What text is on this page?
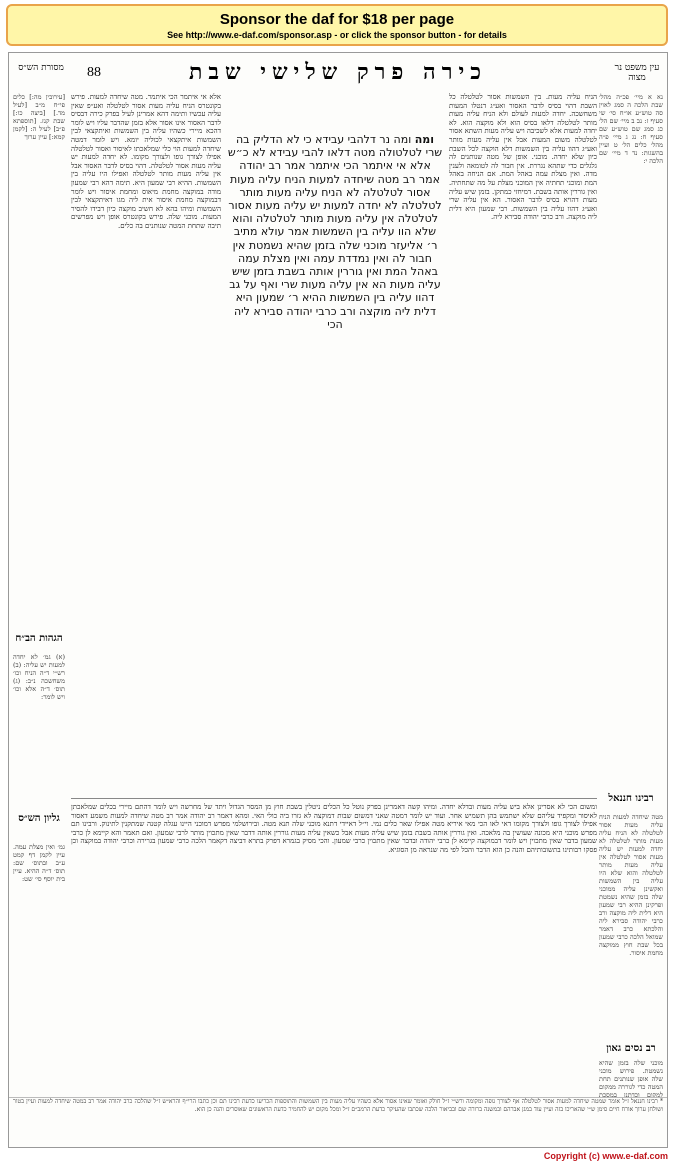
Sponsor the daf for $18 per page
See http://www.e-daf.com/sponsor.asp - or click the sponsor button - for details
מסורת הש״ס	88	כירה פרק שלישי שבת	עין משפט נר מצוה
[עירובין מה:] כלים פי״ח מ״ב [לעיל מד.] [ביצה כו:] שבת קנז. [תוספתא פ״ב] לעיל ה: [לקמן קמא:] עיין ערוך
הגהות הב״ח
(א) גמ׳ לא יחדה למעות יש עליה: (ב) רש״י ד״ה הניח וכו׳ משחשכה נ״ב: (ג) תוס׳ ד״ה אלא וכו׳ ויש לומר:
גליון הש״ס
גמ׳ ואין מצלת עמה. עיין לקמן דף קמט ע״ב ובתוס׳ שם: תוס׳ ד״ה ההיא. עיין בית יוסף סי׳ שט:
נא א מיי׳ פכ״ה מהל׳ שבת הלכה ה סמג לאוין סה טוש״ע או״ח סי׳ שי סעיף ז: נב ב מיי׳ שם הל׳ כג סמג שם טוש״ע שם סעיף ח: נג ג מיי׳ פ״ה מהל׳ כלים הל׳ ט ועיין בהשגות: נד ד מיי׳ שם הלכה י:
רבינו חננאל
מטה שיחדה למעות הניח עליה מעות אסור לטלטלה לא הניח עליה מעות מותר לטלטלה לא יחדה למעות יש עליה מעות אסור לטלטלה אין עליה מעות מותר לטלטלה והוא שלא היו עליה בין השמשות ואקשינן עליה ממוכני שלה בזמן שהיא נשמטת ופרקינן ההיא רבי שמעון היא דלית ליה מוקצה ורב כרבי יהודה סבירא ליה והלכתא כרב דאמר שמואל הלכה כרבי שמעון בכל שבת חוץ ממוקצה מחמת איסור.
רב נסים גאון
מוכני שלה בזמן שהיא נשמטת. פירוש מוכני שלה אופן שנותנים תחת המטה כדי לגוררה ממקום למקום וכדתנן במסכת
הניח עליה מעות. בין השמשות אסור לטלטלה כל השבת דהוי בסיס לדבר האסור ואע״ג דנטלו המעות משחשכה. יחדה למעות לעולם ולא הניח עליה מעות מותר לטלטלה דלאו בסיס הוא ולא מוקצה הוא. לא יחדה למעות אלא לשכיבה ויש עליה מעות השתא אסור לטלטלה משום המעות אבל אין עליה מעות מותר ואע״ג דהוו עליה בין השמשות דלא הוקצה לכל השבת כיון שלא יחדה. מוכני. אופן של מטה שנותנים לה גלגלים כדי שתהא נגררת. אין חבור לה לטומאה ולענין מדה. ואין מצלת עמה באהל המת. אם הניחה באהל המת ומוכני תחתיה אין המוכני מצלת על מה שתחתיה. ואין גוררין אותה בשבת. דמיחזי כמתקן. בזמן שיש עליה מעות דהויא בסיס לדבר האסור. הא אין עליה שרי ואע״ג דהוו עליה בין השמשות. רבי שמעון היא דלית ליה מוקצה. ורב כרבי יהודה סבירא ליה.
אלא אי איתמר הכי איתמר. מטה שיחדה למעות. פירש בקונטרס הניח עליה מעות אסור לטלטלה ואע״פ שאין עליה עכשיו ותימה דהא אמרינן לעיל בפרק כירה דבסיס לדבר האסור אינו אסור אלא בזמן שהדבר עליו ויש לומר דהכא מיירי כשהיו עליה בין השמשות ואיתקצאי לבין השמשות איתקצאי לכוליה יומא. ויש לומר דמטה שיחדה למעות הוי כלי שמלאכתו לאיסור ואסור לטלטלה אפילו לצורך גופו ולצורך מקומו. לא יחדה למעות יש עליה מעות אסור לטלטלה. דהוי בסיס לדבר האסור אבל אין עליה מעות מותר לטלטלה ואפילו היו עליה בין השמשות. ההיא רבי שמעון היא. תימה דהא רבי שמעון מודה במוקצה מחמת מיאוס ומחמת איסור ויש לומר דבמוקצה מחמת איסור אית ליה מגו דאיתקצאי לבין השמשות ומיהו בהא לא חשיב מוקצה כיון דבידו להסיר המעות. מוכני שלה. פירש בקונטרס אופן ויש מפרשים תיבה שתחת המטה שנותנים בה כלים.
ומה ומה נר דלהבי עבידא כי לא הדליק בה שרי לטלטולה מטה דלאו להבי עבידא לא כ״ש אלא אי איתמר הכי איתמר אמר רב יהודה אמר רב מטה שיחדה למעות הניח עליה מעות אסור לטלטלה לא הניח עליה מעות מותר לטלטלה לא יחדה למעות יש עליה מעות אסור לטלטלה אין עליה מעות מותר לטלטלה והוא שלא הוו עליה בין השמשות אמר עולא מתיב ר׳ אליעזר מוכני שלה בזמן שהיא נשמטת אין חבור לה ואין נמדדת עמה ואין מצלת עמה באהל המת ואין גוררין אותה בשבת בזמן שיש עליה מעות הא אין עליה מעות שרי ואף על גב דהוו עליה בין השמשות ההיא ר׳ שמעון היא דלית ליה מוקצה ורב כרבי יהודה סבירא ליה הכי
ומשום הכי לא אסרינן אלא ביש עליה מעות ובדלא יחדה. ומיהו קשה דאמרינן בפרק נוטל כל הכלים ניטלין בשבת חוץ מן המסר הגדול ויתד של מחרשה ויש לומר דהתם מיירי בכלים שמלאכתן לאיסור ומקפיד עליהם שלא ישתמש בהן תשמיש אחר. ועוד יש לומר דמטה שאני דמשום שבות דמוקצה לא גזרו ביה כולי האי. ומהא דאמר רב יהודה אמר רב מטה שיחדה למעות משמע דאסור אפילו לצורך גופו ולצורך מקומו דאי לאו הכי מאי איריא מטה אפילו שאר כלים נמי. וי״ל דאיידי דתנא מוכני שלה תנא מטה. ובירושלמי מפרש דמוכני היינו עגלה קטנה שמתקנין לתינוק. ורבינו תם מפרש מוכני היא מכונה שעושין בה מלאכה. ואין גוררין אותה בשבת בזמן שיש עליה מעות אבל כשאין עליה מעות גוררין אותה דדבר שאין מתכוין מותר לרבי שמעון. ואם תאמר והא קיימא לן כרבי שמעון בדבר שאין מתכוין ויש לומר דבמוקצה קיימא לן כרבי יהודה ובדבר שאין מתכוין כרבי שמעון. והכי מסיק בגמרא דפרק בתרא דביצה דקאמר הלכה כרבי שמעון בגרירה וכרבי יהודה במוקצה וכן פסקו רבותינו בתשובותיהם והנה כן הוא הדבר והכל לפי מה שנראה מן הסוגיא.
* רבינו חננאל ז״ל אומר שמטה שיחדה למעות אסור לטלטלה אף לצורך גופה ומקומה ורש״י ז״ל חולק ואומר שאינו אסור אלא כשהיו עליה מעות בין השמשות והתוספות הכריעו כדעת רבינו תם וכן כתבו הרי״ף והרא״ש ז״ל שהלכה כרב יהודה אמר רב במטה שיחדה למעות ועיין בטור ושולחן ערוך אורח חיים סימן ש״י שהאריכו בזה ועיין עוד במגן אברהם ובמשנה ברורה שם ובביאור הלכה שכתבו שהעיקר כדעת הרמב״ם ז״ל ומכל מקום יש להחמיר כדעת הראשונים שאוסרים והנה כן הוא.
Copyright (c) www.e-daf.com
